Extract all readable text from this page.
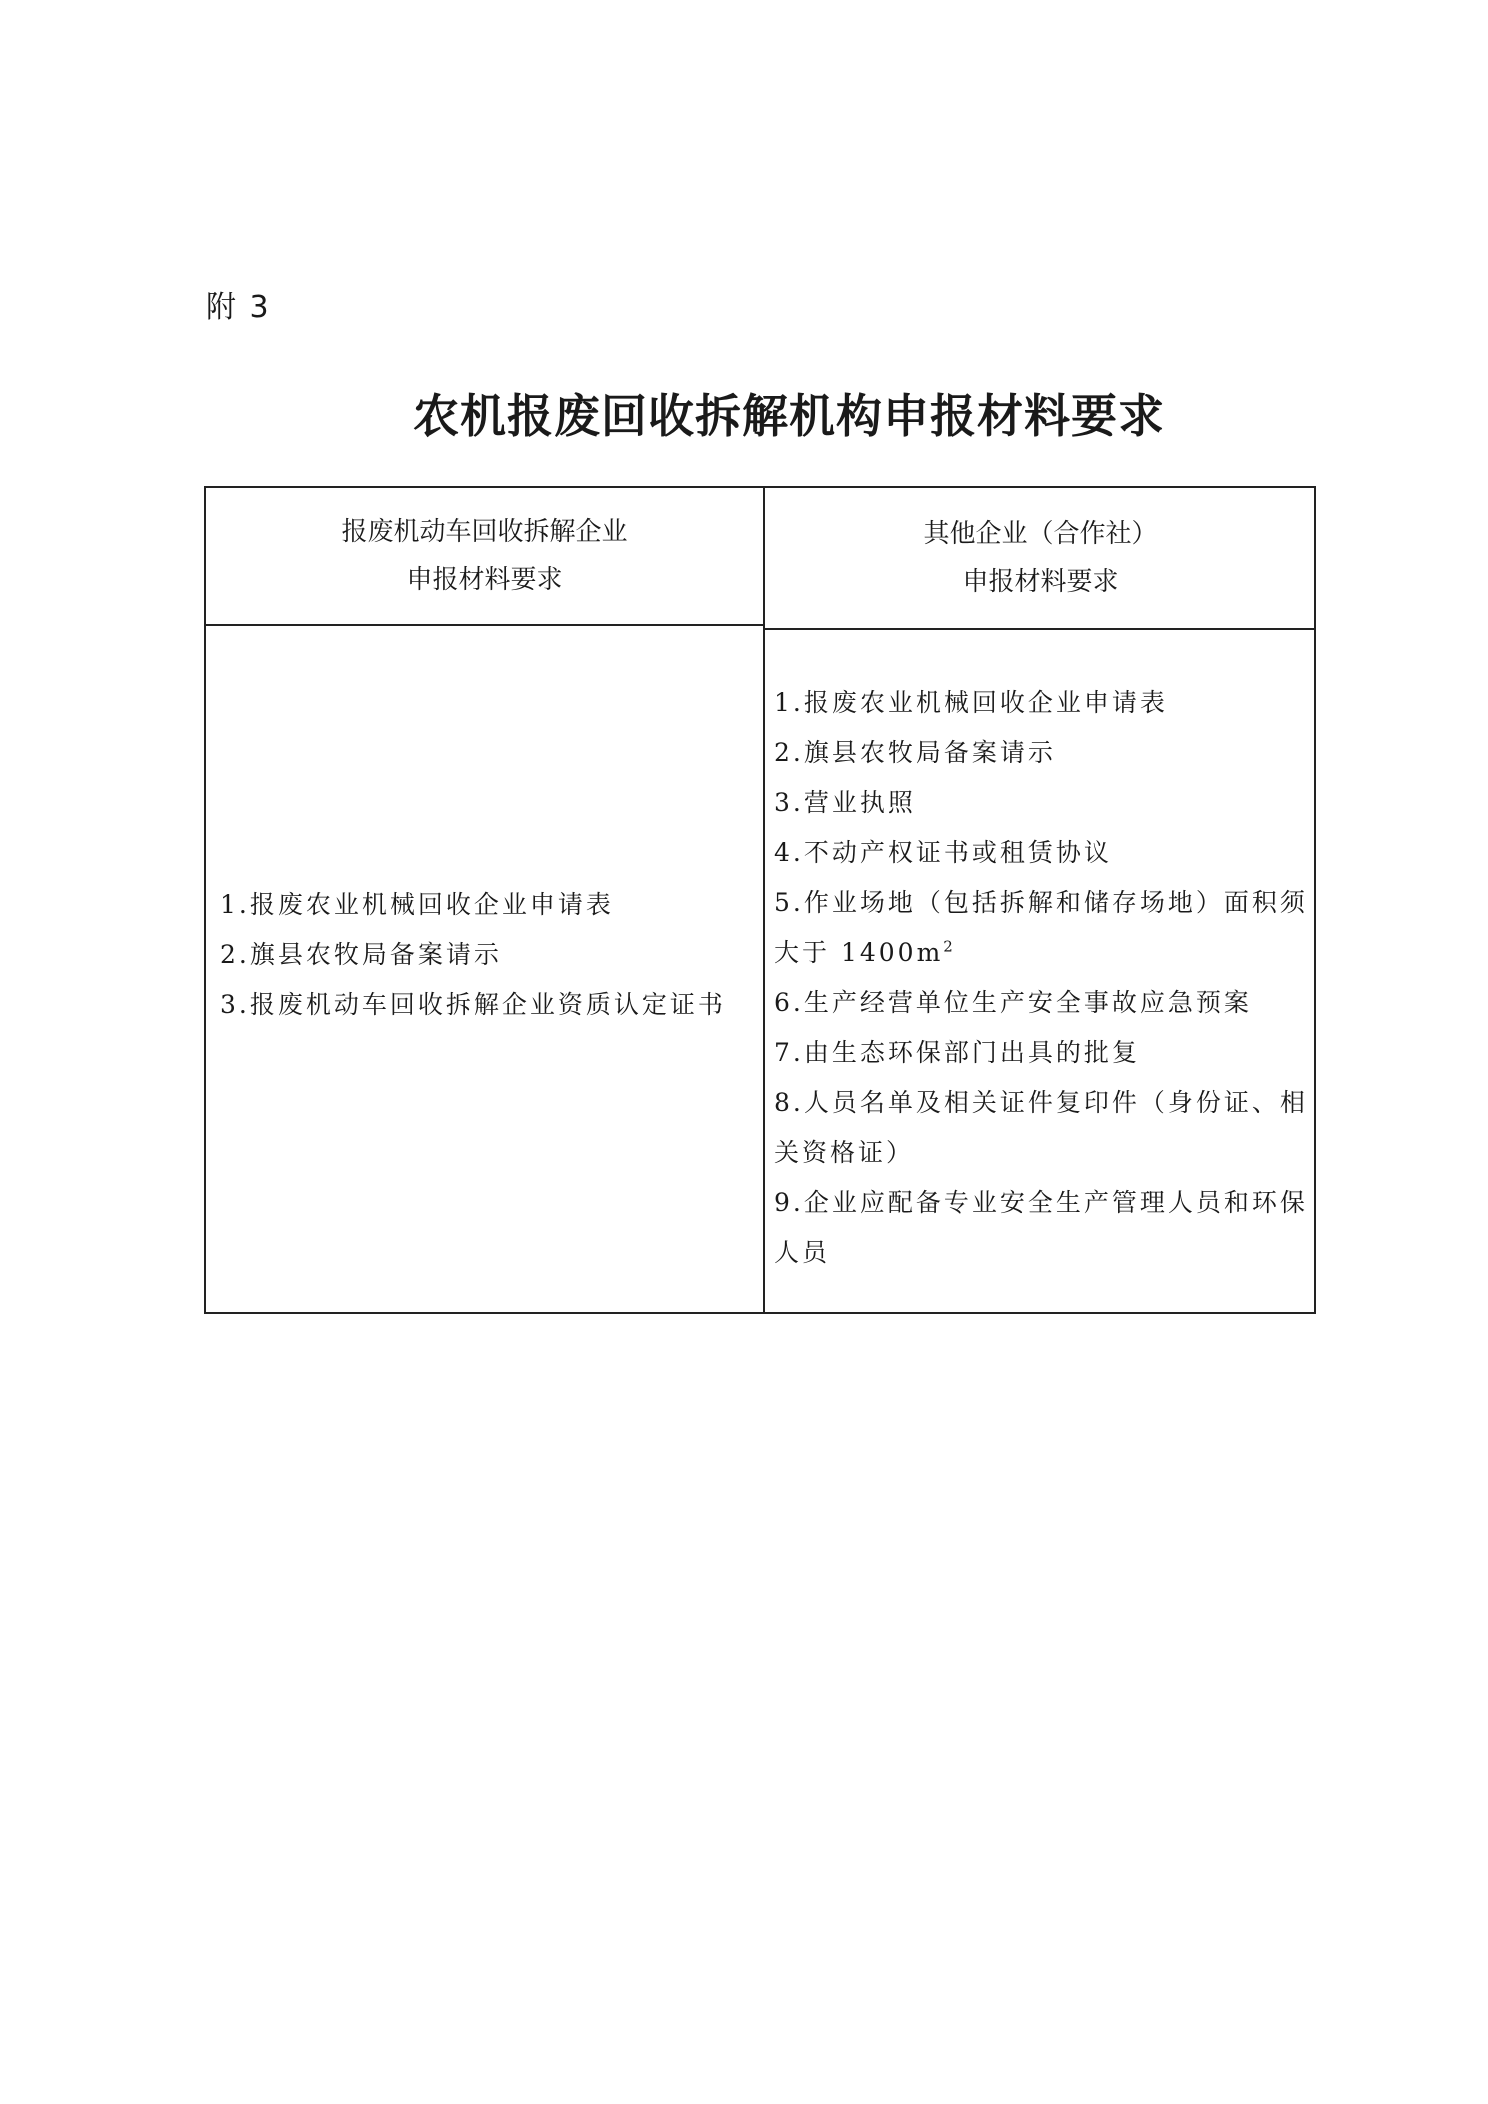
附 3
农机报废回收拆解机构申报材料要求
报废机动车回收拆解企业
申报材料要求
其他企业（合作社）
申报材料要求
1.报废农业机械回收企业申请表
2.旗县农牧局备案请示
3.报废机动车回收拆解企业资质认定证书
1.报废农业机械回收企业申请表
2.旗县农牧局备案请示
3.营业执照
4.不动产权证书或租赁协议
5.作业场地（包括拆解和储存场地）面积须大于 $1400m^2$
6.生产经营单位生产安全事故应急预案
7.由生态环保部门出具的批复
8.人员名单及相关证件复印件（身份证、相关资格证）
9.企业应配备专业安全生产管理人员和环保人员
